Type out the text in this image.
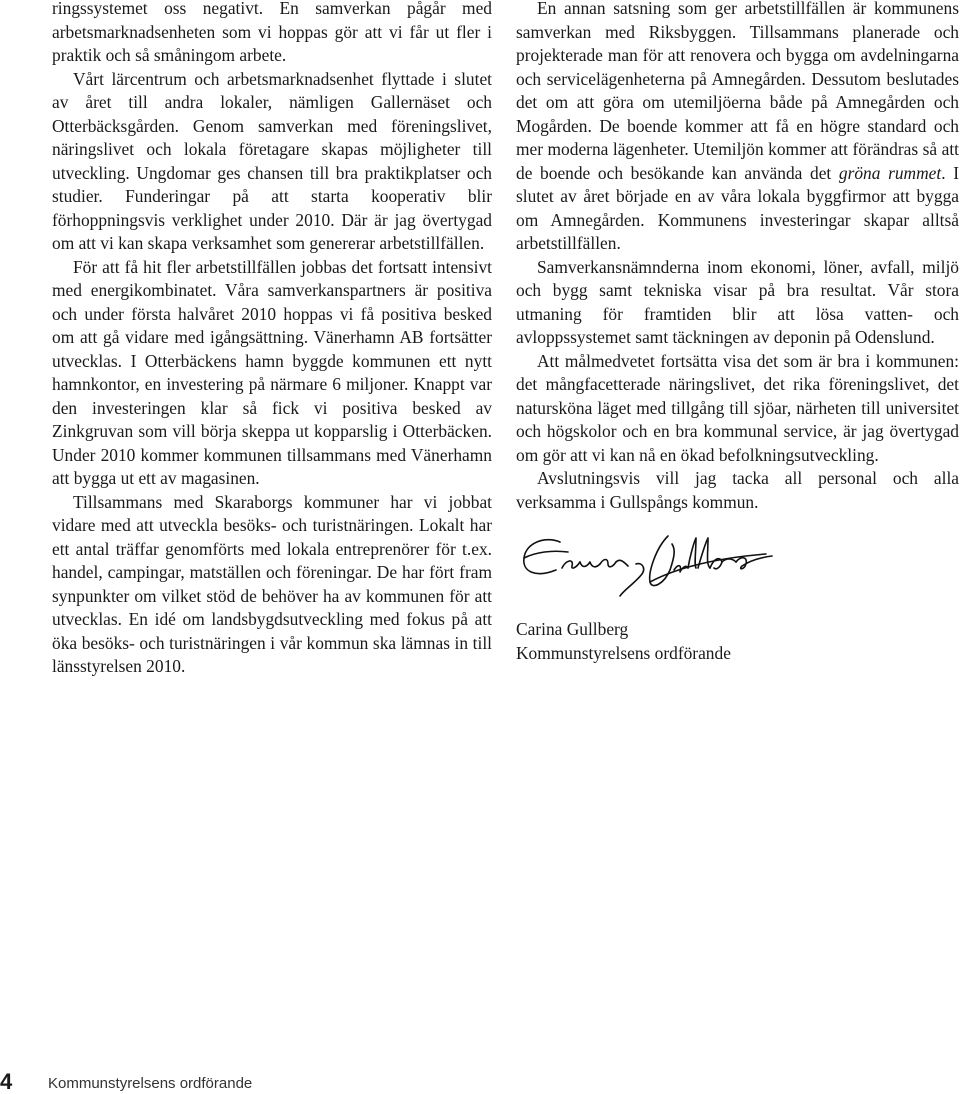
ringssystemet oss negativt. En samverkan pågår med arbetsmarknadsenheten som vi hoppas gör att vi får ut fler i praktik och så småningom arbete.

Vårt lärcentrum och arbetsmarknadsenhet flyttade i slutet av året till andra lokaler, nämligen Gallernäset och Otterbäcksgården. Genom samverkan med föreningslivet, näringslivet och lokala företagare skapas möjligheter till utveckling. Ungdomar ges chansen till bra praktikplatser och studier. Funderingar på att starta kooperativ blir förhoppningsvis verklighet under 2010. Där är jag övertygad om att vi kan skapa verksamhet som genererar arbetstillfällen.

För att få hit fler arbetstillfällen jobbas det fortsatt intensivt med energikombinatet. Våra samverkanspartners är positiva och under första halvåret 2010 hoppas vi få positiva besked om att gå vidare med igångsättning. Vänerhamn AB fortsätter utvecklas. I Otterbäckens hamn byggde kommunen ett nytt hamnkontor, en investering på närmare 6 miljoner. Knappt var den investeringen klar så fick vi positiva besked av Zinkgruvan som vill börja skeppa ut kopparslig i Otterbäcken. Under 2010 kommer kommunen tillsammans med Vänerhamn att bygga ut ett av magasinen.

Tillsammans med Skaraborgs kommuner har vi jobbat vidare med att utveckla besöks- och turistnäringen. Lokalt har ett antal träffar genomförts med lokala entreprenörer för t.ex. handel, campingar, matställen och föreningar. De har fört fram synpunkter om vilket stöd de behöver ha av kommunen för att utvecklas. En idé om landsbygdsutveckling med fokus på att öka besöks- och turistnäringen i vår kommun ska lämnas in till länsstyrelsen 2010.

En annan satsning som ger arbetstillfällen är kommunens samverkan med Riksbyggen. Tillsammans planerade och projekterade man för att renovera och bygga om avdelningarna och servicelägenheterna på Amnegården. Dessutom beslutades det om att göra om utemiljöerna både på Amnegården och Mogården. De boende kommer att få en högre standard och mer moderna lägenheter. Utemiljön kommer att förändras så att de boende och besökande kan använda det gröna rummet. I slutet av året började en av våra lokala byggfirmor att bygga om Amnegården. Kommunens investeringar skapar alltså arbetstillfällen.

Samverkansnämnderna inom ekonomi, löner, avfall, miljö och bygg samt tekniska visar på bra resultat. Vår stora utmaning för framtiden blir att lösa vatten- och avloppssystemet samt täckningen av deponin på Odenslund.

Att målmedvetet fortsätta visa det som är bra i kommunen: det mångfacetterade näringslivet, det rika föreningslivet, det natursköna läget med tillgång till sjöar, närheten till universitet och högskolor och en bra kommunal service, är jag övertygad om gör att vi kan nå en ökad befolkningsutveckling.

Avslutningsvis vill jag tacka all personal och alla verksamma i Gullspångs kommun.

Carina Gullberg
Kommunstyrelsens ordförande
4 Kommunstyrelsens ordförande
